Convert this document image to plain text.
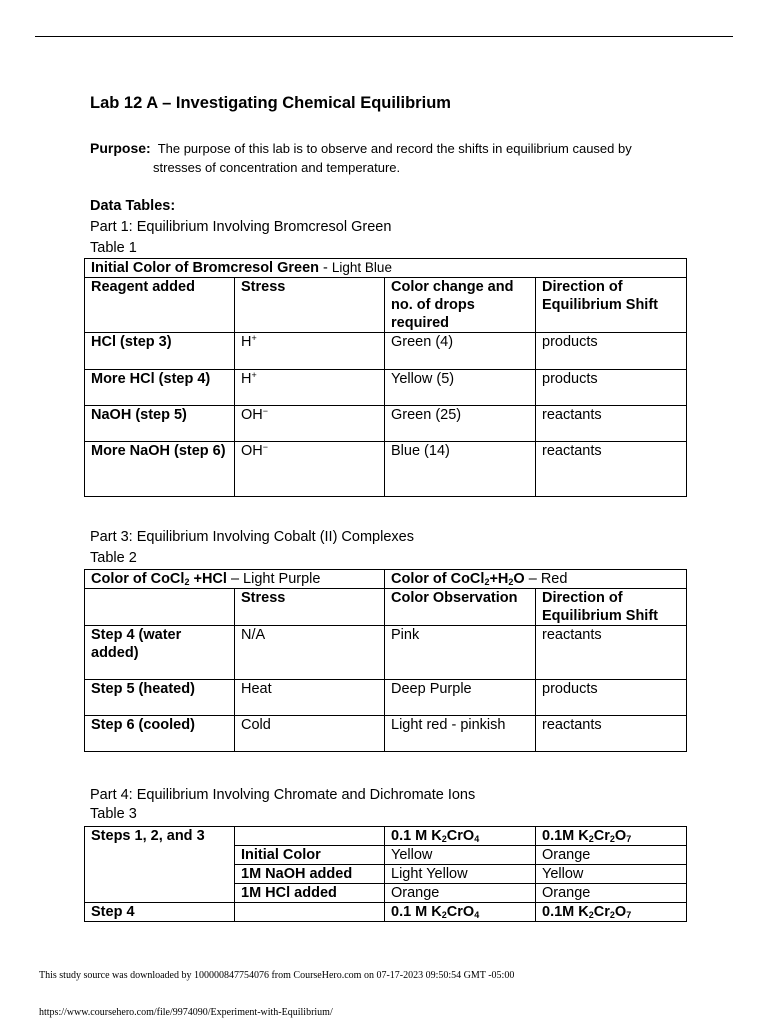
Lab 12 A – Investigating Chemical Equilibrium
Purpose: The purpose of this lab is to observe and record the shifts in equilibrium caused by
stresses of concentration and temperature.
Data Tables:
Part 1: Equilibrium Involving Bromcresol Green
Table 1
Initial Color of Bromcresol Green - Light Blue			
Reagent added	Stress	Color change and no. of drops required	Direction of Equilibrium Shift
HCl (step 3)	H+	Green (4)	products
More HCl (step 4)	H+	Yellow (5)	products
NaOH (step 5)	OH−	Green (25)	reactants
More NaOH (step 6)	OH−	Blue (14)	reactants
Part 3: Equilibrium Involving Cobalt (II) Complexes
Table 2
Color of CoCl$_2$ +HCl – Light Purple		Color of $CoCl_2+H_2O$ – Red	
	Stress	Color Observation	Direction of Equilibrium Shift
Step 4 (water added)	N/A	Pink	reactants
Step 5 (heated)	Heat	Deep Purple	products
Step 6 (cooled)	Cold	Light red - pinkish	reactants
Part 4: Equilibrium Involving Chromate and Dichromate Ions
Table 3
Steps 1, 2, and 3		0.1 M $K_2CrO_4$	0.1M $K_2Cr_2O_7$
	Initial Color	Yellow	Orange
	1M NaOH added	Light Yellow	Yellow
	1M HCl added	Orange	Orange
Step 4		0.1 M $K_2CrO_4$	0.1M $K_2Cr_2O_7$
This study source was downloaded by 100000847754076 from CourseHero.com on 07-17-2023 09:50:54 GMT -05:00
https://www.coursehero.com/file/9974090/Experiment-with-Equilibrium/
